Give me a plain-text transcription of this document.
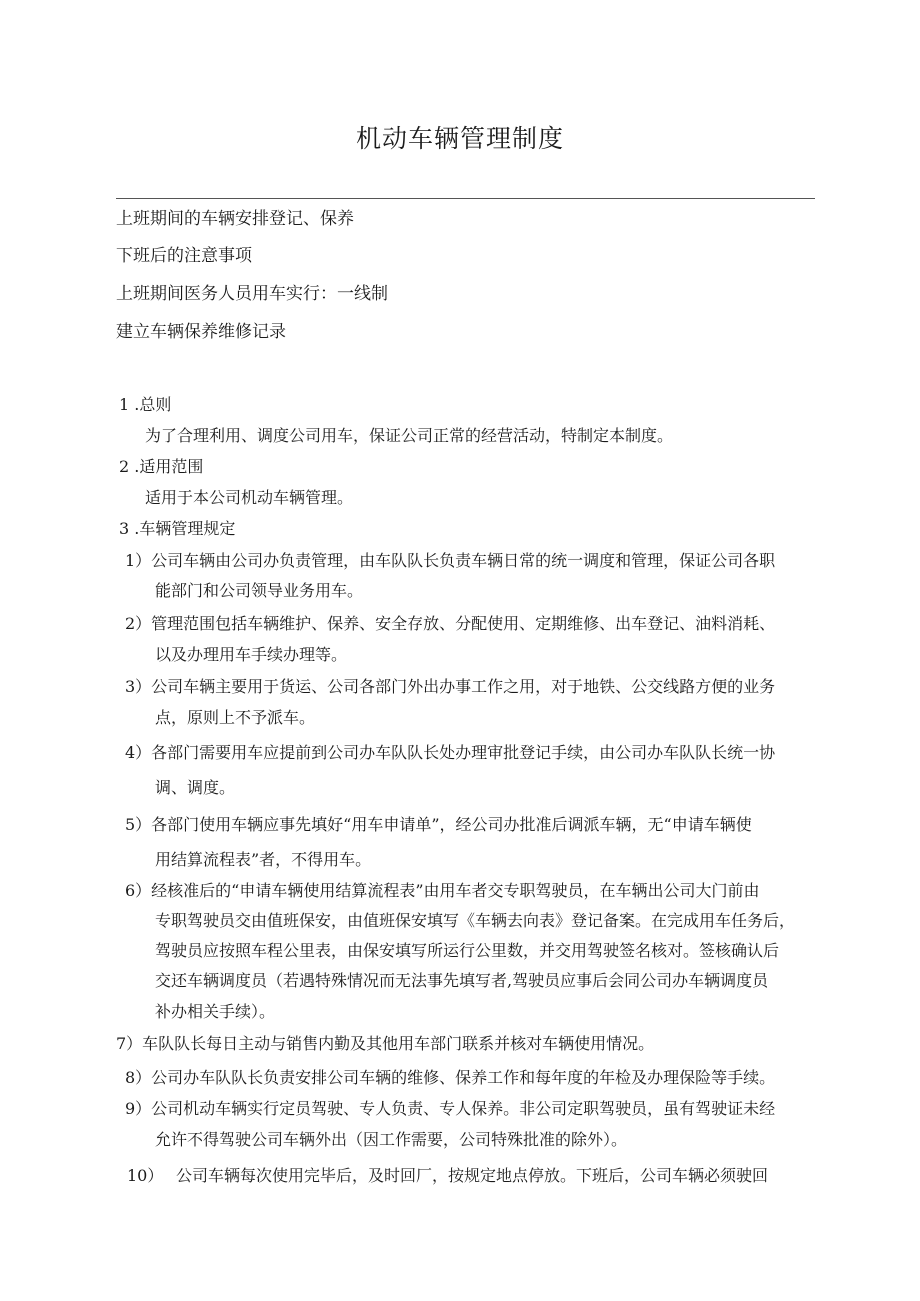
机动车辆管理制度
上班期间的车辆安排登记、保养
下班后的注意事项
上班期间医务人员用车实行：一线制
建立车辆保养维修记录
1 .总则
为了合理利用、调度公司用车，保证公司正常的经营活动，特制定本制度。
2 .适用范围
适用于本公司机动车辆管理。
3 .车辆管理规定
1）公司车辆由公司办负责管理，由车队队长负责车辆日常的统一调度和管理，保证公司各职
能部门和公司领导业务用车。
2）管理范围包括车辆维护、保养、安全存放、分配使用、定期维修、出车登记、油料消耗、
以及办理用车手续办理等。
3）公司车辆主要用于货运、公司各部门外出办事工作之用，对于地铁、公交线路方便的业务
点，原则上不予派车。
4）各部门需要用车应提前到公司办车队队长处办理审批登记手续，由公司办车队队长统一协
调、调度。
5）各部门使用车辆应事先填好“用车申请单”，经公司办批准后调派车辆，无“申请车辆使
用结算流程表”者，不得用车。
6）经核准后的“申请车辆使用结算流程表”由用车者交专职驾驶员，在车辆出公司大门前由
专职驾驶员交由值班保安，由值班保安填写《车辆去向表》登记备案。在完成用车任务后，
驾驶员应按照车程公里表，由保安填写所运行公里数，并交用驾驶签名核对。签核确认后
交还车辆调度员（若遇特殊情况而无法事先填写者,驾驶员应事后会同公司办车辆调度员
补办相关手续）。
7）车队队长每日主动与销售内勤及其他用车部门联系并核对车辆使用情况。
8）公司办车队队长负责安排公司车辆的维修、保养工作和每年度的年检及办理保险等手续。
9）公司机动车辆实行定员驾驶、专人负责、专人保养。非公司定职驾驶员，虽有驾驶证未经
允许不得驾驶公司车辆外出（因工作需要，公司特殊批准的除外）。
10） 公司车辆每次使用完毕后，及时回厂，按规定地点停放。下班后，公司车辆必须驶回
